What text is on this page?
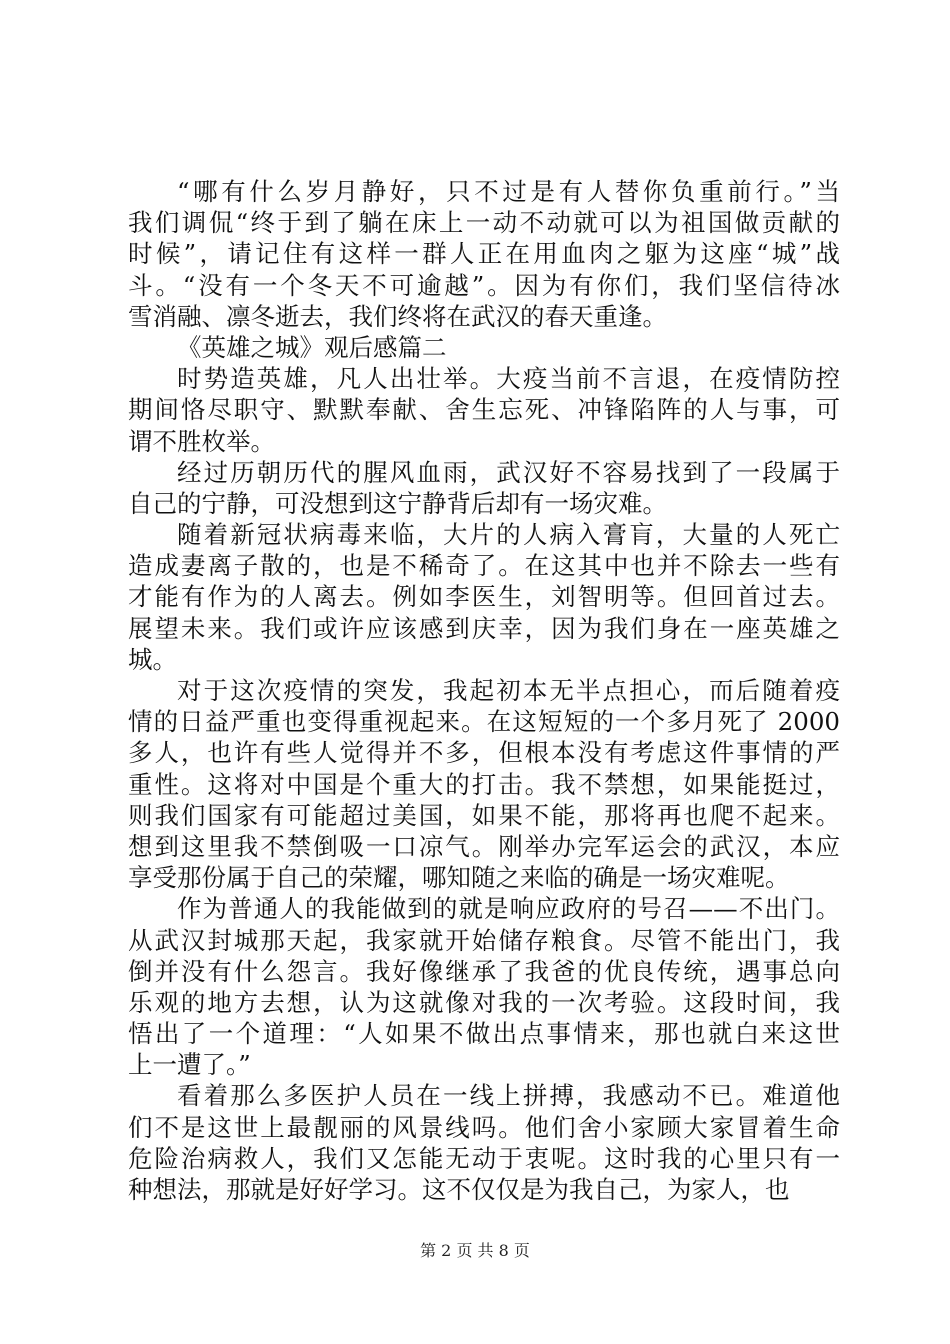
“哪有什么岁月静好，只不过是有人替你负重前行。”当
我们调侃“终于到了躺在床上一动不动就可以为祖国做贡献的
时候”，请记住有这样一群人正在用血肉之躯为这座“城”战
斗。“没有一个冬天不可逾越”。因为有你们，我们坚信待冰
雪消融、凛冬逝去，我们终将在武汉的春天重逢。
《英雄之城》观后感篇二
时势造英雄，凡人出壮举。大疫当前不言退，在疫情防控
期间恪尽职守、默默奉献、舍生忘死、冲锋陷阵的人与事，可
谓不胜枚举。
经过历朝历代的腥风血雨，武汉好不容易找到了一段属于
自己的宁静，可没想到这宁静背后却有一场灾难。
随着新冠状病毒来临，大片的人病入膏肓，大量的人死亡
造成妻离子散的，也是不稀奇了。在这其中也并不除去一些有
才能有作为的人离去。例如李医生，刘智明等。但回首过去。
展望未来。我们或许应该感到庆幸，因为我们身在一座英雄之
城。
对于这次疫情的突发，我起初本无半点担心，而后随着疫
情的日益严重也变得重视起来。在这短短的一个多月死了 2000
多人，也许有些人觉得并不多，但根本没有考虑这件事情的严
重性。这将对中国是个重大的打击。我不禁想，如果能挺过，
则我们国家有可能超过美国，如果不能，那将再也爬不起来。
想到这里我不禁倒吸一口凉气。刚举办完军运会的武汉，本应
享受那份属于自己的荣耀，哪知随之来临的确是一场灾难呢。
作为普通人的我能做到的就是响应政府的号召——不出门。
从武汉封城那天起，我家就开始储存粮食。尽管不能出门，我
倒并没有什么怨言。我好像继承了我爸的优良传统，遇事总向
乐观的地方去想，认为这就像对我的一次考验。这段时间，我
悟出了一个道理：“人如果不做出点事情来，那也就白来这世
上一遭了。”
看着那么多医护人员在一线上拼搏，我感动不已。难道他
们不是这世上最靓丽的风景线吗。他们舍小家顾大家冒着生命
危险治病救人，我们又怎能无动于衷呢。这时我的心里只有一
种想法，那就是好好学习。这不仅仅是为我自己，为家人，也
第 2 页 共 8 页
